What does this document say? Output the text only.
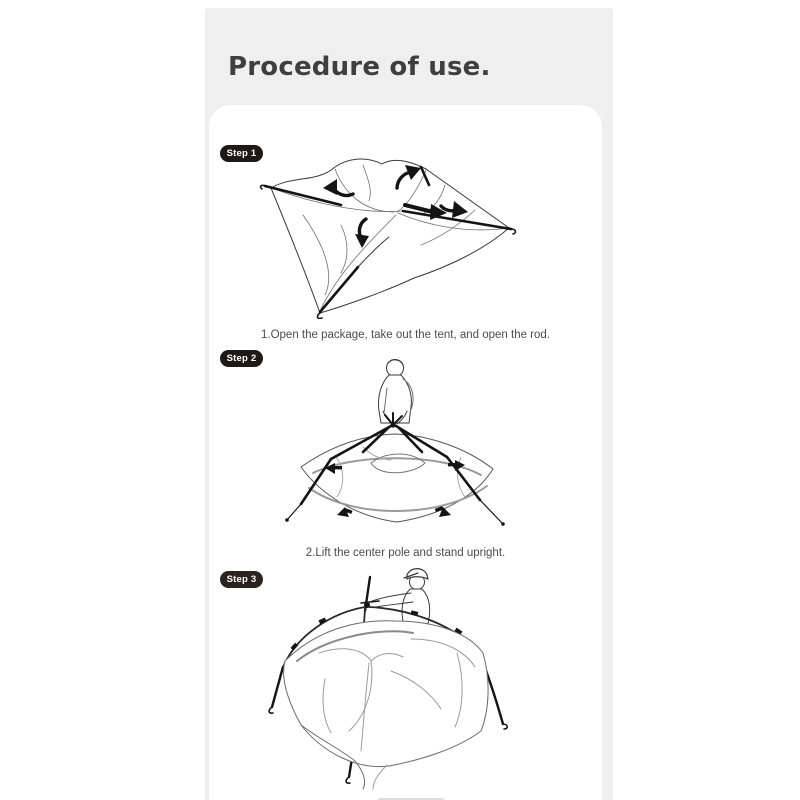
Procedure of use.
Step 1

1.Open the package, take out the tent, and open the rod.

Step 2

2.Lift the center pole and stand upright.

Step 3
